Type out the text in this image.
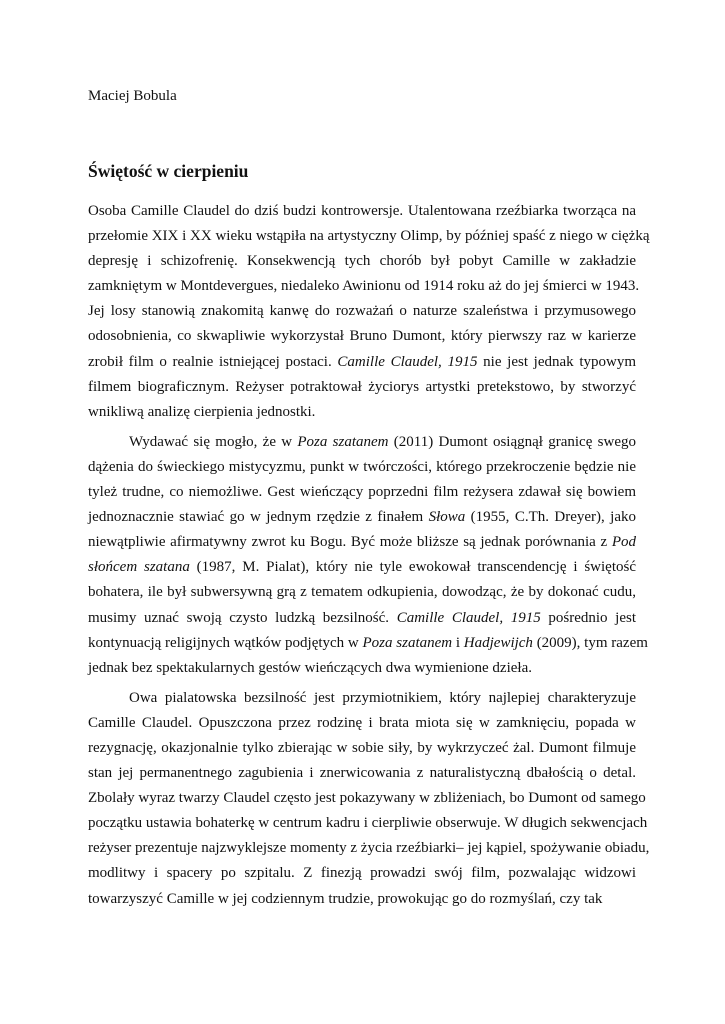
Maciej Bobula
Świętość w cierpieniu
Osoba Camille Claudel do dziś budzi kontrowersje. Utalentowana rzeźbiarka tworząca na
przełomie XIX i XX wieku wstąpiła na artystyczny Olimp, by później spaść z niego w ciężką
depresję i schizofrenię. Konsekwencją tych chorób był pobyt Camille w zakładzie
zamkniętym w Montdevergues, niedaleko Awinionu od 1914 roku aż do jej śmierci w 1943.
Jej losy stanowią znakomitą kanwę do rozważań o naturze szaleństwa i przymusowego
odosobnienia, co skwapliwie wykorzystał Bruno Dumont, który pierwszy raz w karierze
zrobił film o realnie istniejącej postaci. Camille Claudel, 1915 nie jest jednak typowym
filmem biograficznym. Reżyser potraktował życiorys artystki pretekstowo, by stworzyć
wnikliwą analizę cierpienia jednostki.
Wydawać się mogło, że w Poza szatanem (2011) Dumont osiągnął granicę swego
dążenia do świeckiego mistycyzmu, punkt w twórczości, którego przekroczenie będzie nie
tyleż trudne, co niemożliwe. Gest wieńczący poprzedni film reżysera zdawał się bowiem
jednoznacznie stawiać go w jednym rzędzie z finałem Słowa (1955, C.Th. Dreyer), jako
niewątpliwie afirmatywny zwrot ku Bogu. Być może bliższe są jednak porównania z Pod
słońcem szatana (1987, M. Pialat), który nie tyle ewokował transcendencję i świętość
bohatera, ile był subwersywną grą z tematem odkupienia, dowodząc, że by dokonać cudu,
musimy uznać swoją czysto ludzką bezsilność. Camille Claudel, 1915 pośrednio jest
kontynuacją religijnych wątków podjętych w Poza szatanem i Hadjewijch (2009), tym razem
jednak bez spektakularnych gestów wieńczących dwa wymienione dzieła.
Owa pialatowska bezsilność jest przymiotnikiem, który najlepiej charakteryzuje
Camille Claudel. Opuszczona przez rodzinę i brata miota się w zamknięciu, popada w
rezygnację, okazjonalnie tylko zbierając w sobie siły, by wykrzyczeć żal. Dumont filmuje
stan jej permanentnego zagubienia i znerwicowania z naturalistyczną dbałością o detal.
Zbolały wyraz twarzy Claudel często jest pokazywany w zbliżeniach, bo Dumont od samego
początku ustawia bohaterkę w centrum kadru i cierpliwie obserwuje. W długich sekwencjach
reżyser prezentuje najzwyklejsze momenty z życia rzeźbiarki– jej kąpiel, spożywanie obiadu,
modlitwy i spacery po szpitalu. Z finezją prowadzi swój film, pozwalając widzowi
towarzyszyć Camille w jej codziennym trudzie, prowokując go do rozmyślań, czy tak
